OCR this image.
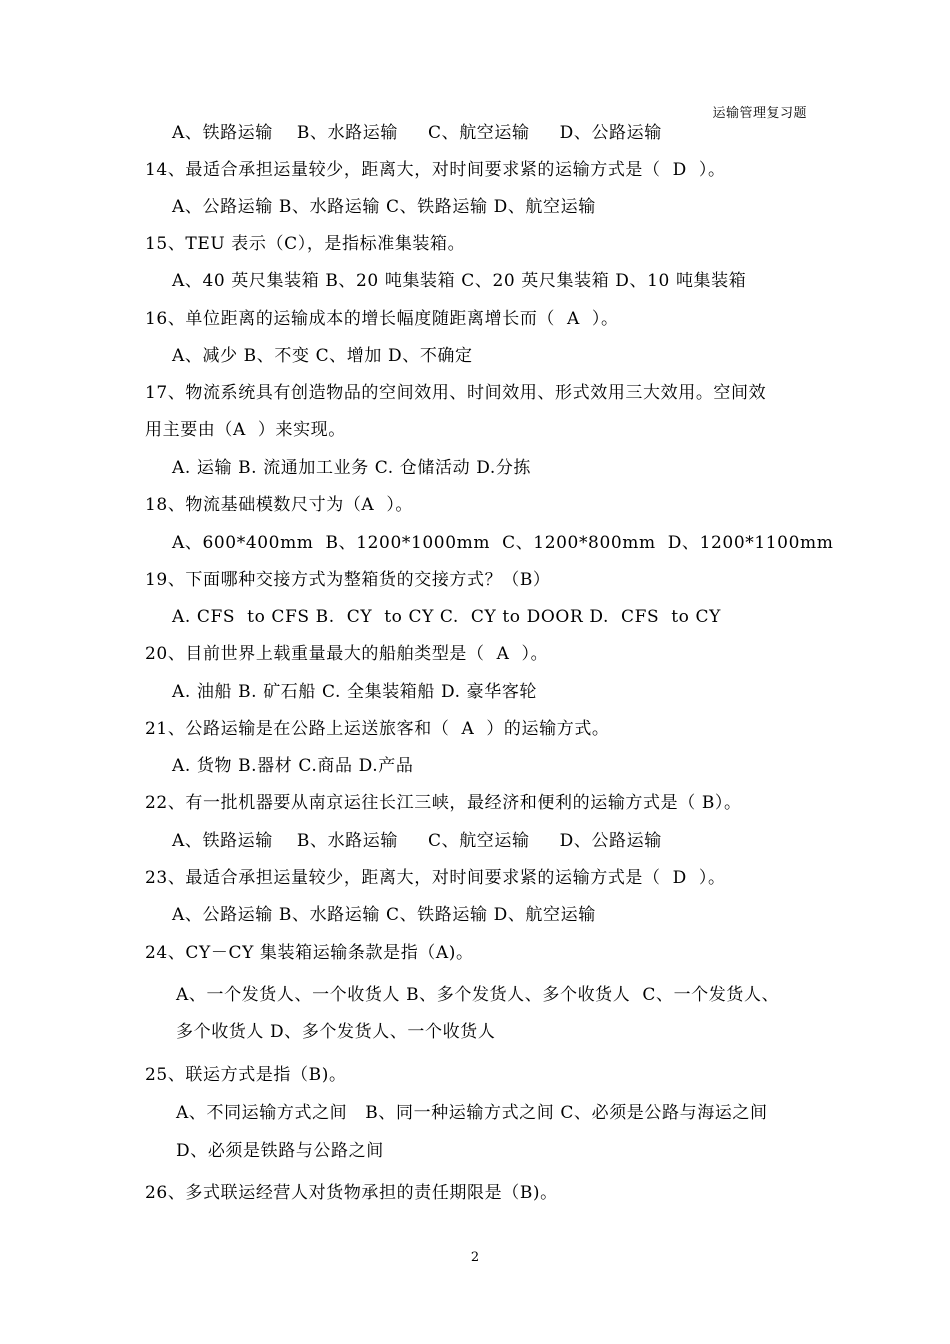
运输管理复习题
A、铁路运输    B、水路运输     C、航空运输     D、公路运输
14、最适合承担运量较少，距离大，对时间要求紧的运输方式是（  D  ）。
A、公路运输 B、水路运输 C、铁路运输 D、航空运输
15、TEU 表示（C），是指标准集装箱。
A、40 英尺集装箱 B、20 吨集装箱 C、20 英尺集装箱 D、10 吨集装箱
16、单位距离的运输成本的增长幅度随距离增长而（  A  ）。
A、减少 B、不变 C、增加 D、不确定
17、物流系统具有创造物品的空间效用、时间效用、形式效用三大效用。空间效
用主要由（A  ）来实现。
A. 运输 B. 流通加工业务 C. 仓储活动 D.分拣
18、物流基础模数尺寸为（A  ）。
A、600*400mm  B、1200*1000mm  C、1200*800mm  D、1200*1100mm
19、下面哪种交接方式为整箱货的交接方式？（B）
A. CFS  to CFS B.  CY  to CY C.  CY to DOOR D.  CFS  to CY
20、目前世界上载重量最大的船舶类型是（  A  ）。
A. 油船 B. 矿石船 C. 全集装箱船 D. 豪华客轮
21、公路运输是在公路上运送旅客和（  A  ）的运输方式。
A. 货物 B.器材 C.商品 D.产品
22、有一批机器要从南京运往长江三峡，最经济和便利的运输方式是（ B）。
A、铁路运输    B、水路运输     C、航空运输     D、公路运输
23、最适合承担运量较少，距离大，对时间要求紧的运输方式是（  D  ）。
A、公路运输 B、水路运输 C、铁路运输 D、航空运输
24、CY－CY 集装箱运输条款是指（A)。
A、一个发货人、一个收货人 B、多个发货人、多个收货人  C、一个发货人、
多个收货人 D、多个发货人、一个收货人
25、联运方式是指（B)。
A、不同运输方式之间   B、同一种运输方式之间 C、必须是公路与海运之间
D、必须是铁路与公路之间
26、多式联运经营人对货物承担的责任期限是（B)。
2
